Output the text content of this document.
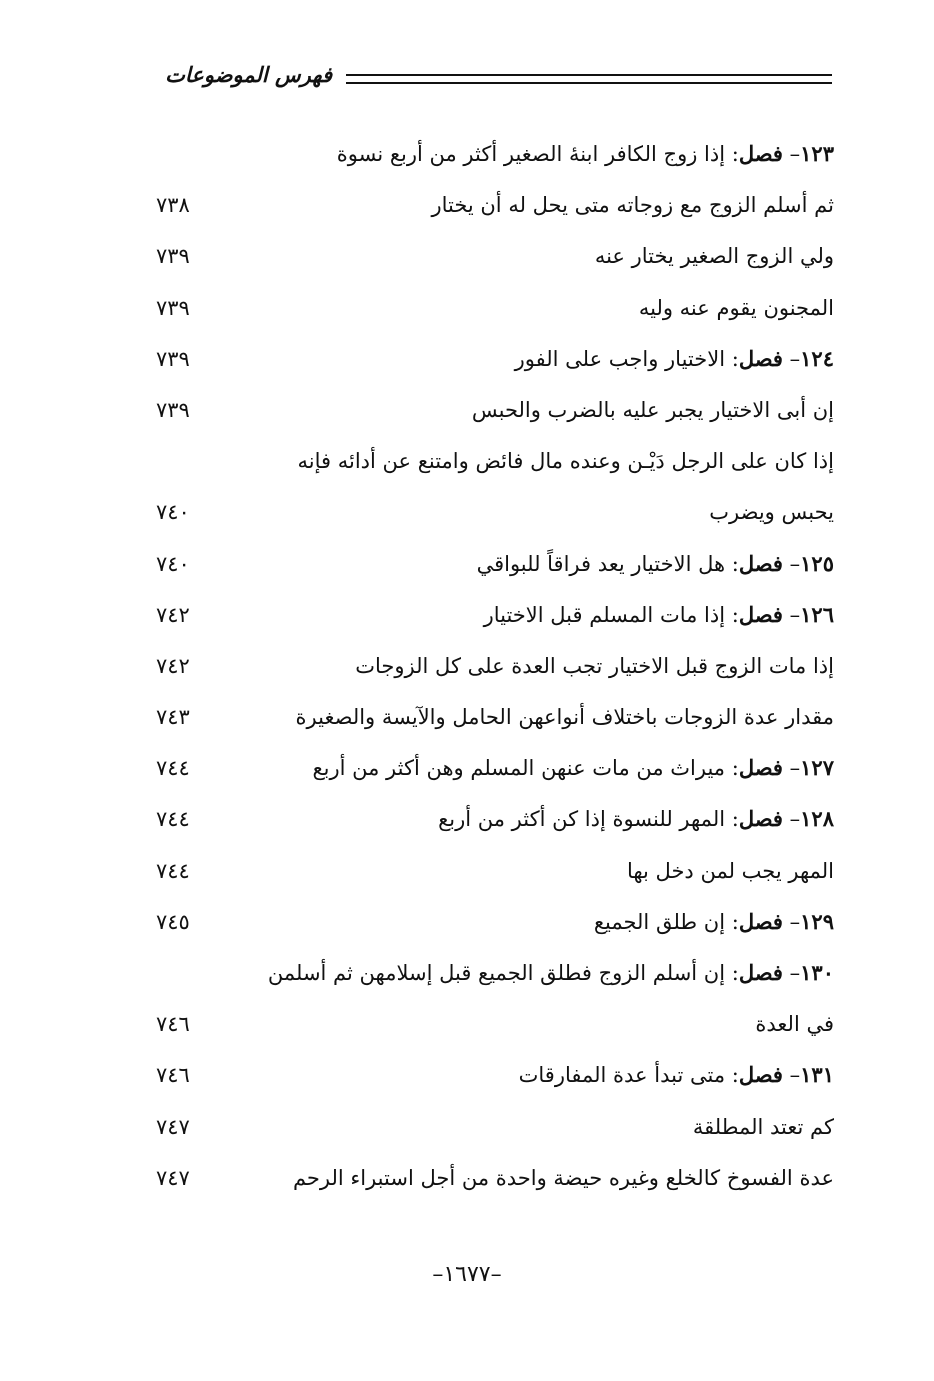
فهرس الموضوعات
١٢٣– فصل: إذا زوج الكافر ابنهٔ الصغير أكثر من أربع نسوة
ثم أسلم الزوج مع زوجاته متى يحل له أن يختار
٧٣٨
ولي الزوج الصغير يختار عنه
٧٣٩
المجنون يقوم عنه وليه
٧٣٩
١٢٤– فصل: الاختيار واجب على الفور
٧٣٩
إن أبى الاختيار يجبر عليه بالضرب والحبس
٧٣٩
إذا كان على الرجل دَيْـن وعنده مال فائض وامتنع عن أدائه فإنه
يحبس ويضرب
٧٤٠
١٢٥– فصل: هل الاختيار يعد فراقاً للبواقي
٧٤٠
١٢٦– فصل: إذا مات المسلم قبل الاختيار
٧٤٢
إذا مات الزوج قبل الاختيار تجب العدة على كل الزوجات
٧٤٢
مقدار عدة الزوجات باختلاف أنواعهن الحامل والآيسة والصغيرة
٧٤٣
١٢٧– فصل: ميراث من مات عنهن المسلم وهن أكثر من أربع
٧٤٤
١٢٨– فصل: المهر للنسوة إذا كن أكثر من أربع
٧٤٤
المهر يجب لمن دخل بها
٧٤٤
١٢٩– فصل: إن طلق الجميع
٧٤٥
١٣٠– فصل: إن أسلم الزوج فطلق الجميع قبل إسلامهن ثم أسلمن
في العدة
٧٤٦
١٣١– فصل: متى تبدأ عدة المفارقات
٧٤٦
كم تعتد المطلقة
٧٤٧
عدة الفسوخ كالخلع وغيره حيضة واحدة من أجل استبراء الرحم
٧٤٧
–١٦٧٧–
